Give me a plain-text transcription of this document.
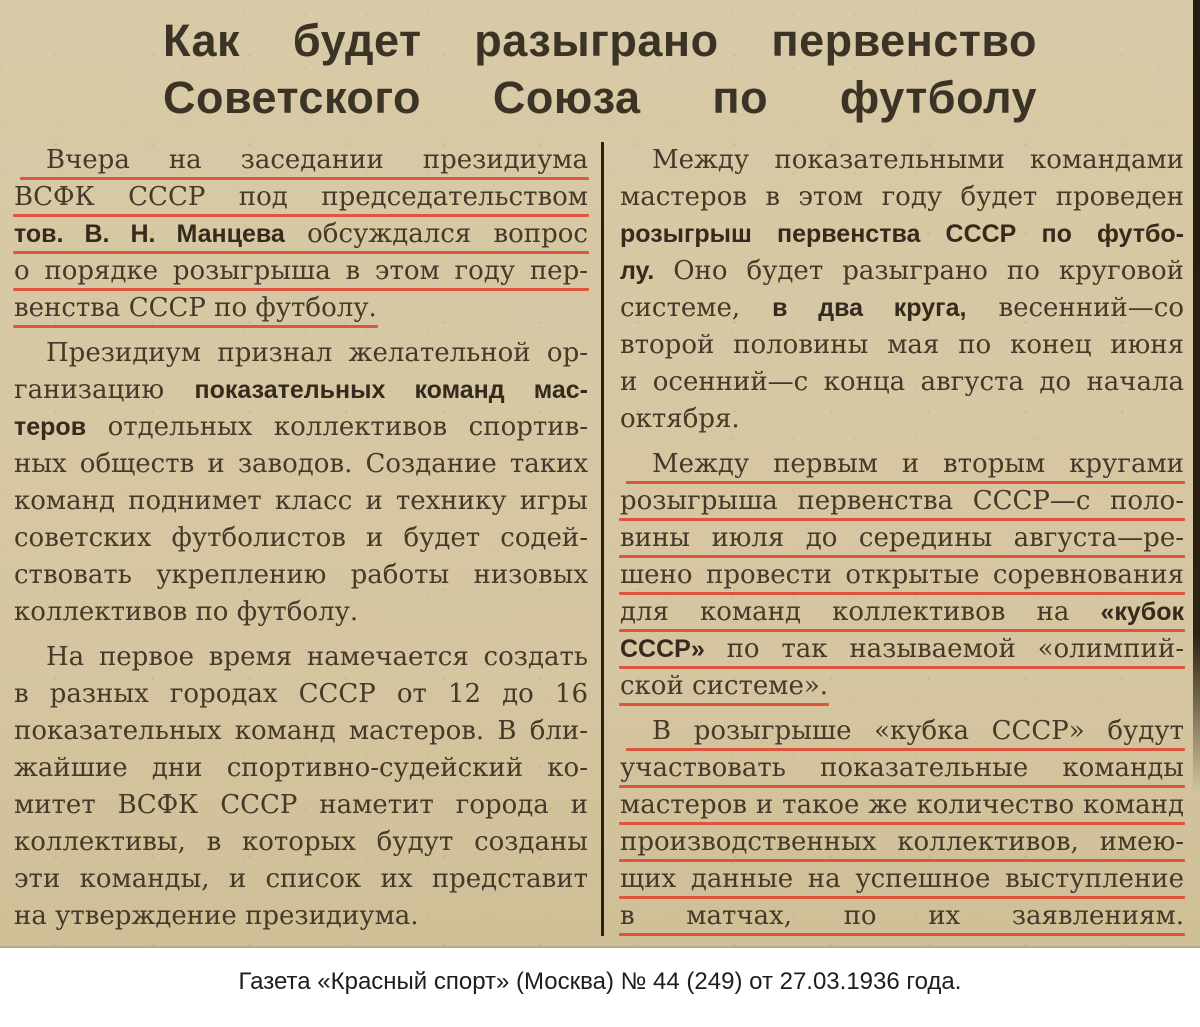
Как будет разыграно первенство
Советского Союза по футболу
Вчера на заседании президиума
ВСФК СССР под председательством
тов. В. Н. Манцева обсуждался вопрос
о порядке розыгрыша в этом году пер-
венства СССР по футболу.
Президиум признал желательной ор-
ганизацию показательных команд мас-
теров отдельных коллективов спортив-
ных обществ и заводов. Создание таких
команд поднимет класс и технику игры
советских футболистов и будет содей-
ствовать укреплению работы низовых
коллективов по футболу.
На первое время намечается создать
в разных городах СССР от 12 до 16
показательных команд мастеров. В бли-
жайшие дни спортивно-судейский ко-
митет ВСФК СССР наметит города и
коллективы, в которых будут созданы
эти команды, и список их представит
на утверждение президиума.
Между показательными командами
мастеров в этом году будет проведен
розыгрыш первенства СССР по футбо-
лу. Оно будет разыграно по круговой
системе, в два круга, весенний—со
второй половины мая по конец июня
и осенний—с конца августа до начала
октября.
Между первым и вторым кругами
розыгрыша первенства СССР—с поло-
вины июля до середины августа—ре-
шено провести открытые соревнования
для команд коллективов на «кубок
СССР» по так называемой «олимпий-
ской системе».
В розыгрыше «кубка СССР» будут
участвовать показательные команды
мастеров и такое же количество команд
производственных коллективов, имею-
щих данные на успешное выступление
в матчах, по их заявлениям.
Газета «Красный спорт» (Москва) № 44 (249) от 27.03.1936 года.
